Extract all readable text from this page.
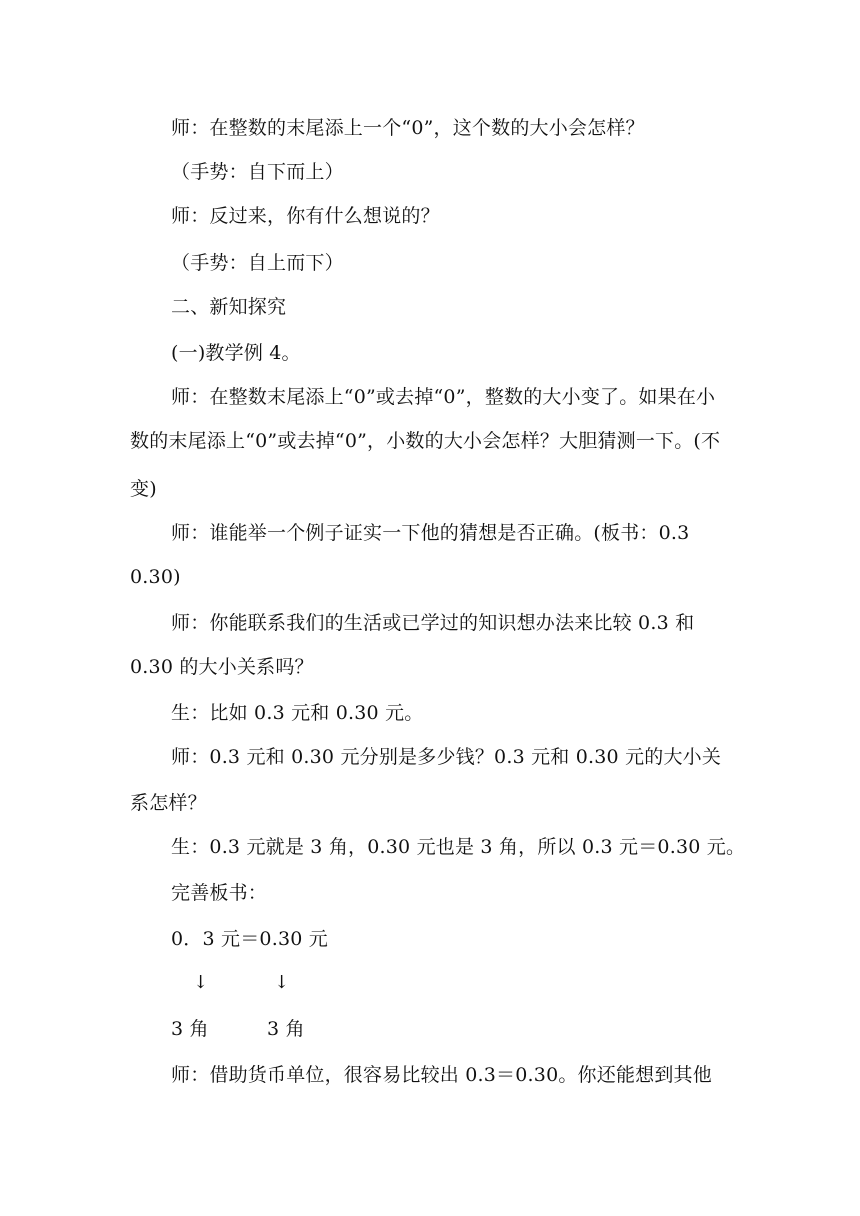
师：在整数的末尾添上一个“0”，这个数的大小会怎样？
（手势：自下而上）
师：反过来，你有什么想说的？
（手势：自上而下）
二、新知探究
(一)教学例 4。
师：在整数末尾添上“0”或去掉“0”，整数的大小变了。如果在小
数的末尾添上“0”或去掉“0”，小数的大小会怎样？大胆猜测一下。(不
变)
师：谁能举一个例子证实一下他的猜想是否正确。(板书：0.3
0.30)
师：你能联系我们的生活或已学过的知识想办法来比较 0.3 和
0.30 的大小关系吗？
生：比如 0.3 元和 0.30 元。
师：0.3 元和 0.30 元分别是多少钱？0.3 元和 0.30 元的大小关
系怎样？
生：0.3 元就是 3 角，0.30 元也是 3 角，所以 0.3 元＝0.30 元。
完善板书：
0．3 元＝0.30 元
↓	↓
3 角	3 角
师：借助货币单位，很容易比较出 0.3＝0.30。你还能想到其他
